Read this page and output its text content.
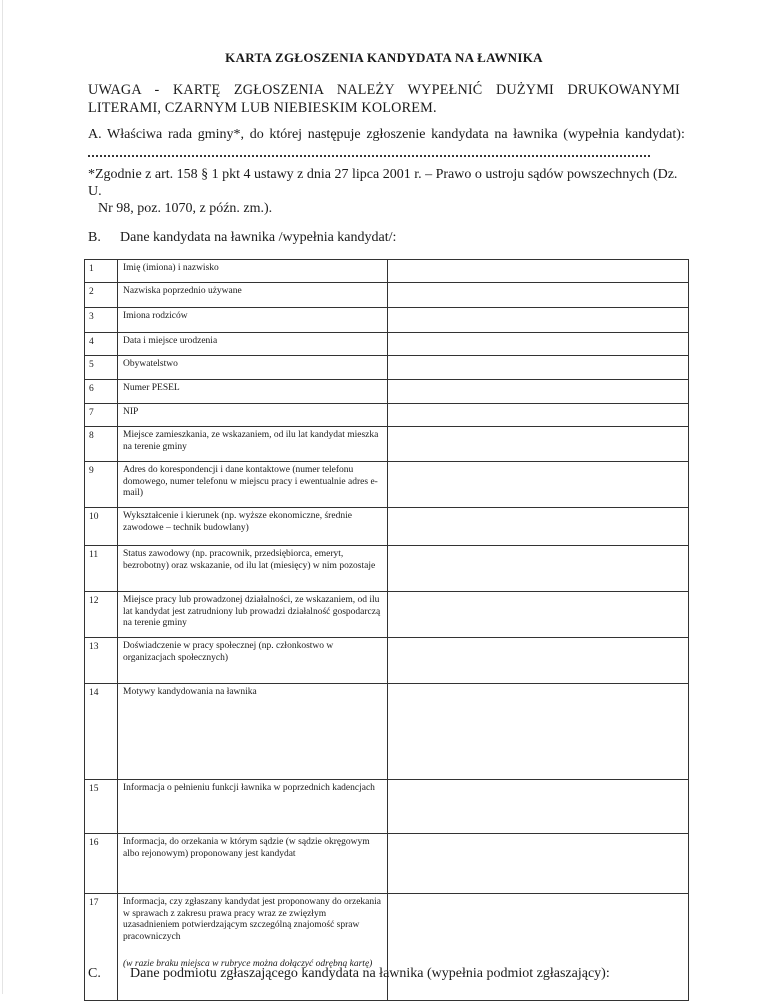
KARTA ZGŁOSZENIA KANDYDATA NA ŁAWNIKA
UWAGA - KARTĘ ZGŁOSZENIA NALEŻY WYPEŁNIĆ DUŻYMI DRUKOWANYMI LITERAMI, CZARNYM LUB NIEBIESKIM KOLOREM.
A. Właściwa rada gminy*, do której następuje zgłoszenie kandydata na ławnika (wypełnia kandydat):
*Zgodnie z art. 158 § 1 pkt 4 ustawy z dnia 27 lipca 2001 r. – Prawo o ustroju sądów powszechnych (Dz. U.
Nr 98, poz. 1070, z późn. zm.).
B. Dane kandydata na ławnika /wypełnia kandydat/:
1	Imię (imiona) i nazwisko	
2	Nazwiska poprzednio używane	
3	Imiona rodziców	
4	Data i miejsce urodzenia	
5	Obywatelstwo	
6	Numer PESEL	
7	NIP	
8	Miejsce zamieszkania, ze wskazaniem, od ilu lat kandydat mieszka na terenie gminy	
9	Adres do korespondencji i dane kontaktowe (numer telefonu domowego, numer telefonu w miejscu pracy i ewentualnie adres e-mail)	
10	Wykształcenie i kierunek (np. wyższe ekonomiczne, średnie zawodowe – technik budowlany)	
11	Status zawodowy (np. pracownik, przedsiębiorca, emeryt, bezrobotny) oraz wskazanie, od ilu lat (miesięcy) w nim pozostaje	
12	Miejsce pracy lub prowadzonej działalności, ze wskazaniem, od ilu lat kandydat jest zatrudniony lub prowadzi działalność gospodarczą na terenie gminy	
13	Doświadczenie w pracy społecznej (np. członkostwo w organizacjach społecznych)	
14	Motywy kandydowania na ławnika	
15	Informacja o pełnieniu funkcji ławnika w poprzednich kadencjach	
16	Informacja, do orzekania w którym sądzie (w sądzie okręgowym albo rejonowym) proponowany jest kandydat	
17	Informacja, czy zgłaszany kandydat jest proponowany do orzekania w sprawach z zakresu prawa pracy wraz ze zwięzłym uzasadnieniem potwierdzającym szczególną znajomość spraw pracowniczych
(w razie braku miejsca w rubryce można dołączyć odrębną kartę)	

C. Dane podmiotu zgłaszającego kandydata na ławnika (wypełnia podmiot zgłaszający):
